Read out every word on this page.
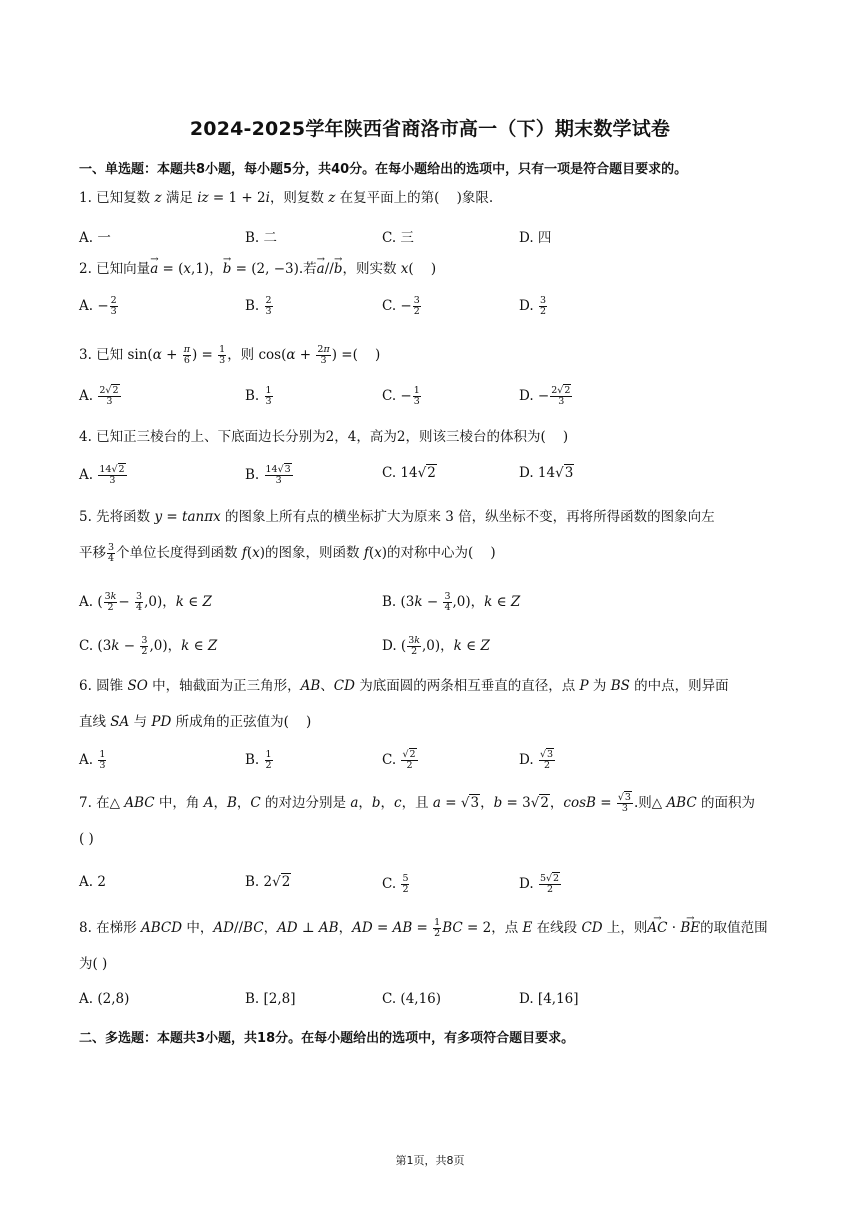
2024-2025学年陕西省商洛市高一（下）期末数学试卷
一、单选题：本题共8小题，每小题5分，共40分。在每小题给出的选项中，只有一项是符合题目要求的。
1. 已知复数 z 满足 iz = 1 + 2i，则复数 z 在复平面上的第(    )象限.
A. 一	B. 二	C. 三	D. 四
2. 已知向量→ a = (x,1)，→ b = (2, −3).若→ a//→ b，则实数 x(    )
A. − $\frac{2}{3}$	B. $\frac{2}{3}$	C. − $\frac{3}{2}$	D. $\frac{3}{2}$
3. 已知 $\sin(\alpha + \frac{\pi}{6}$ ) = $\frac{1}{3}$ ，则 $\cos(\alpha + \frac{2\pi}{3}$ ) =(    )
A. $\frac{2√2}{3}$	B. $\frac{1}{3}$	C. − $\frac{1}{3}$	D. − $\frac{2√2}{3}$
4. 已知正三棱台的上、下底面边长分别为2，4，高为2，则该三棱台的体积为(    )
A. $\frac{14√2}{3}$	B. $\frac{14√3}{3}$	C. 14√2	D. 14√3
5. 先将函数 y = tanπx 的图象上所有点的横坐标扩大为原来 3 倍，纵坐标不变，再将所得函数的图象向左
平移 $\frac{3}{4}$ 个单位长度得到函数 f(x)的图象，则函数 f(x)的对称中心为(    )
A. ( $\frac{3k}{2} - \frac{3}{4} ,0$)，k ∈ Z	B. $(3k - \frac{3}{4} ,0)$，k ∈ Z
C. $(3k - \frac{3}{2} ,0)$，k ∈ Z	D. ( $\frac{3k}{2} ,0$)，k ∈ Z
6. 圆锥 SO 中，轴截面为正三角形，AB、CD 为底面圆的两条相互垂直的直径，点 P 为 BS 的中点，则异面
直线 SA 与 PD 所成角的正弦值为(    )
A. $\frac{1}{3}$	B. $\frac{1}{2}$	C. $\frac{√2}{2}$	D. $\frac{√3}{2}$
7. 在△ ABC 中，角 A，B，C 的对边分别是 a，b，c，且 a = √3，b = 3√2，$\cos B = \frac{√3}{3}$ .则△ ABC 的面积为
( )
A. 2	B. 2√2	C. $\frac{5}{2}$	D. $\frac{5√2}{2}$
8. 在梯形 ABCD 中，AD//BC，AD ⊥ AB，AD = AB = $\frac{1}{2}$ BC = 2，点 E 在线段 CD 上，则→ AC · → BE的取值范围
为( )
A. (2,8)	B. [2,8]	C. (4,16)	D. [4,16]
二、多选题：本题共3小题，共18分。在每小题给出的选项中，有多项符合题目要求。
第1页，共8页
